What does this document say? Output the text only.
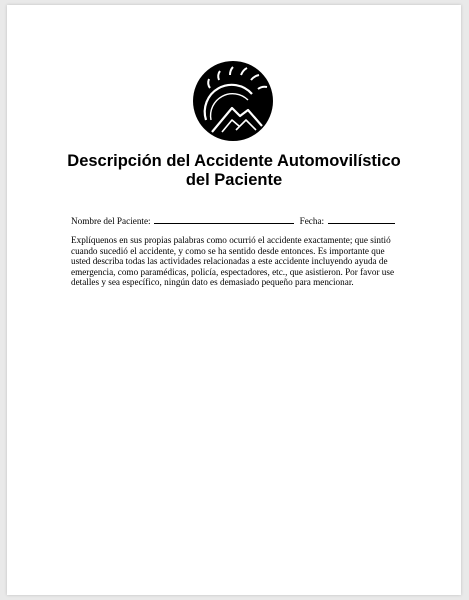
Descripción del Accidente Automovilístico
del Paciente
Nombre del Paciente:	Fecha:
Explíquenos en sus propias palabras como ocurrió el accidente exactamente; que sintió cuando sucedió el accidente, y como se ha sentido desde entonces. Es importante que usted describa todas las actividades relacionadas a este accidente incluyendo ayuda de emergencia, como paramédicas, policía, espectadores, etc., que asistieron. Por favor use detalles y sea específico, ningún dato es demasiado pequeño para mencionar.
